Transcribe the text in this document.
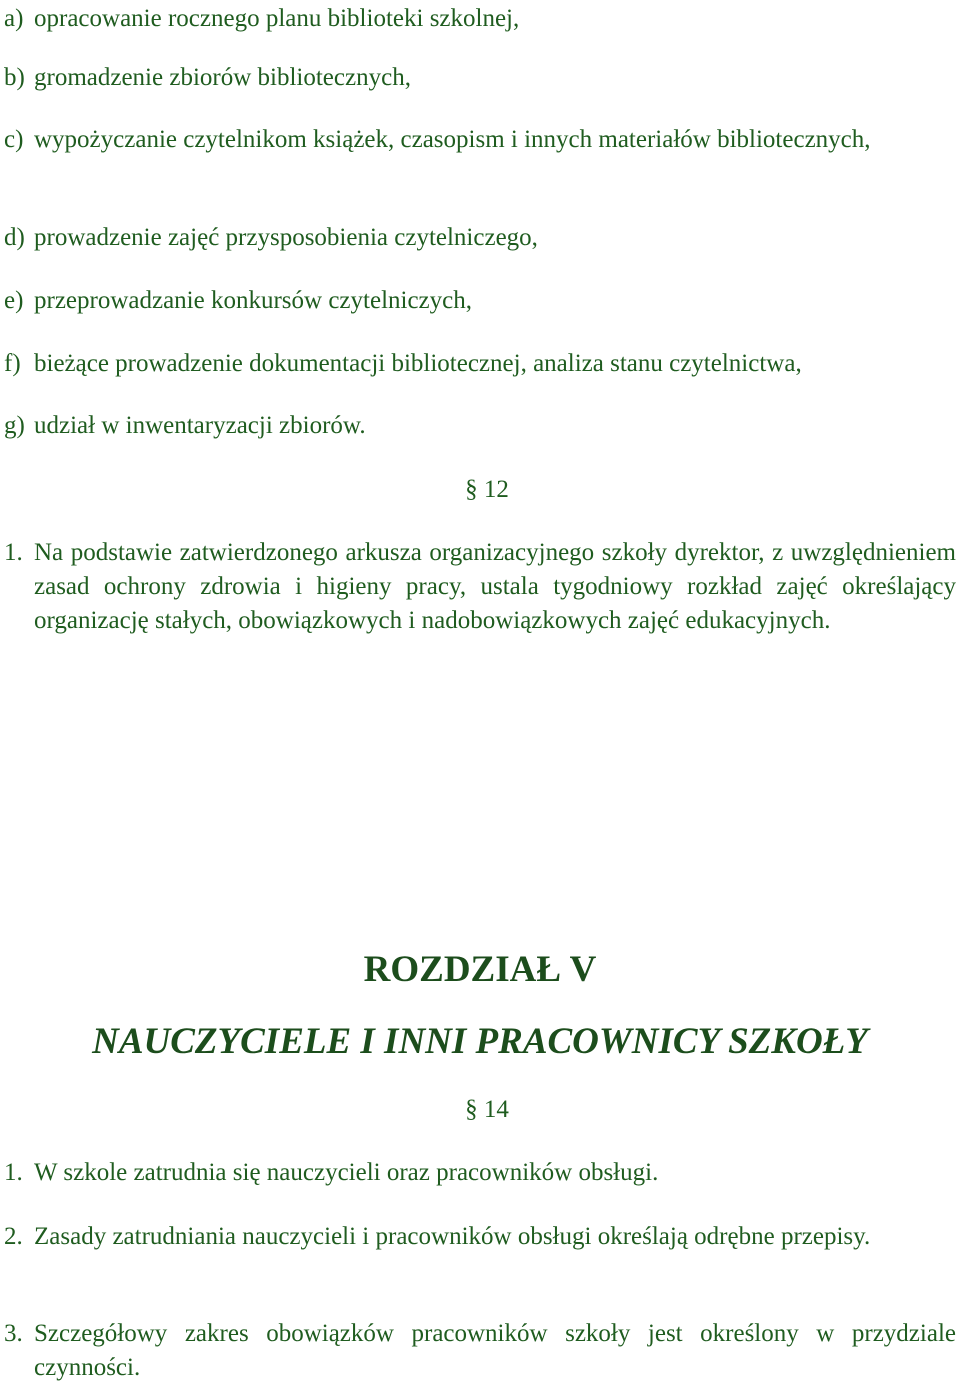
a) opracowanie rocznego planu biblioteki szkolnej,
b) gromadzenie zbiorów bibliotecznych,
c) wypożyczanie czytelnikom książek, czasopism i innych materiałów bibliotecznych,
d) prowadzenie zajęć przysposobienia czytelniczego,
e) przeprowadzanie konkursów czytelniczych,
f) bieżące prowadzenie dokumentacji bibliotecznej, analiza stanu czytelnictwa,
g) udział w inwentaryzacji zbiorów.
§ 12
1. Na podstawie zatwierdzonego arkusza organizacyjnego szkoły dyrektor, z uwzględnieniem zasad ochrony zdrowia i higieny pracy, ustala tygodniowy rozkład zajęć określający organizację stałych, obowiązkowych i nadobowiązkowych zajęć edukacyjnych.
ROZDZIAŁ V
NAUCZYCIELE I INNI PRACOWNICY SZKOŁY
§ 14
1. W szkole zatrudnia się nauczycieli oraz pracowników obsługi.
2. Zasady zatrudniania nauczycieli i pracowników obsługi określają odrębne przepisy.
3. Szczegółowy zakres obowiązków pracowników szkoły jest określony w przydziale czynności.
